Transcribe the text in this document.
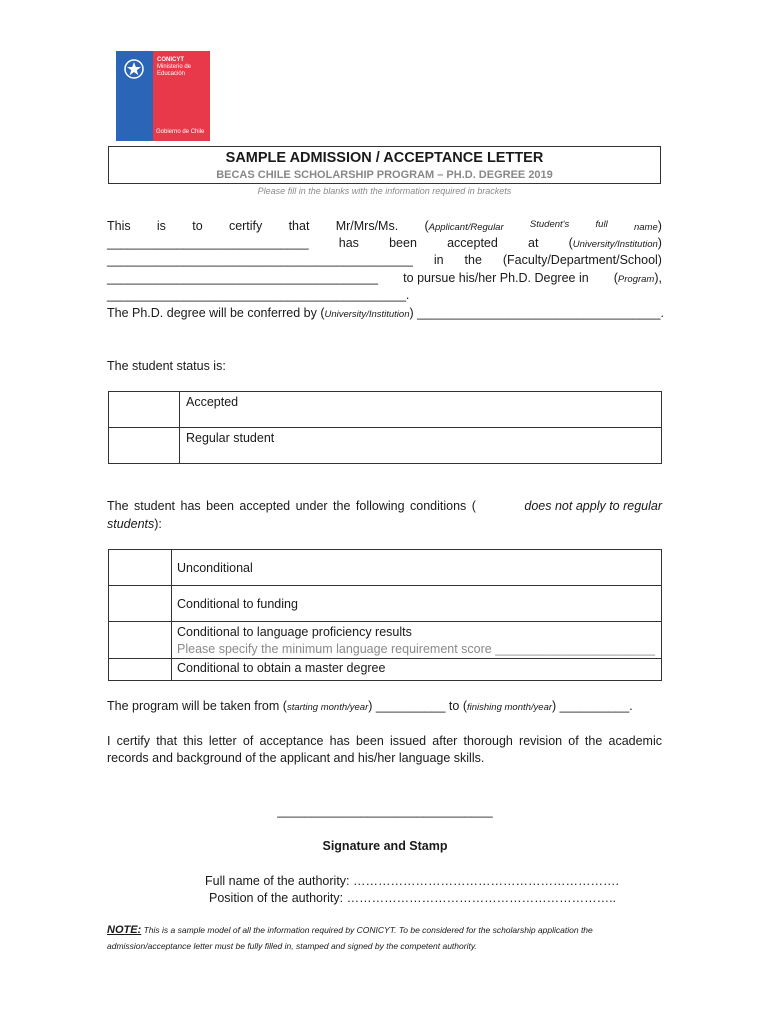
CONICYT
Ministerio de
Educación
Gobierno de Chile
SAMPLE ADMISSION / ACCEPTANCE LETTER
BECAS CHILE SCHOLARSHIP PROGRAM – PH.D. DEGREE 2019
Please fill in the blanks with the information required in brackets
This is to certify that Mr/Mrs/Ms. (Applicant/Regular	Student's	full	name)
_____________________________ has been accepted at (University/Institution)
____________________________________________ in the (Faculty/Department/School)
_______________________________________ to pursue his/her Ph.D. Degree in (Program),
___________________________________________.
The Ph.D. degree will be conferred by (University/Institution) ___________________________________.
The student status is:
	Accepted
	Regular student
The student has been accepted under the following conditions (	does not apply to regular
students):
	Unconditional
	Conditional to funding

	Conditional to language proficiency results
Please specify the minimum language requirement score _______________________

	Conditional to obtain a master degree
The program will be taken from (starting month/year) __________ to (finishing month/year) __________.
I certify that this letter of acceptance has been issued after thorough revision of the academic
records and background of the applicant and his/her language skills.
_______________________________
Signature and Stamp
Full name of the authority: ……………………………………………………….
Position of the authority: ………………………………………………………..
NOTE: This is a sample model of all the information required by CONICYT. To be considered for the scholarship application the
admission/acceptance letter must be fully filled in, stamped and signed by the competent authority.
